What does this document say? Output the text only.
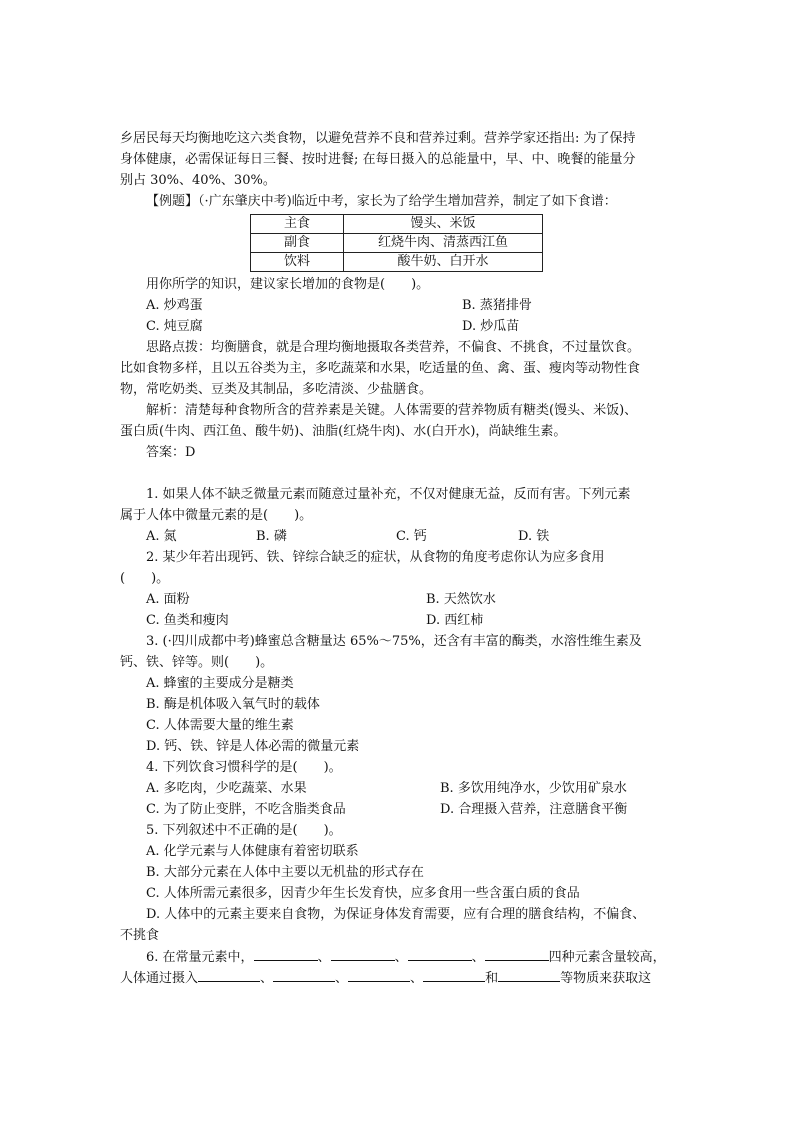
乡居民每天均衡地吃这六类食物，以避免营养不良和营养过剩。营养学家还指出: 为了保持
身体健康，必需保证每日三餐、按时进餐; 在每日摄入的总能量中，早、中、晚餐的能量分
别占 30%、40%、30%。
【例题】（·广东肇庆中考)临近中考，家长为了给学生增加营养，制定了如下食谱：
主食	馒头、米饭
副食	红烧牛肉、清蒸西江鱼
饮料	酸牛奶、白开水
用你所学的知识，建议家长增加的食物是(　　)。
A. 炒鸡蛋	B. 蒸猪排骨
C. 炖豆腐	D. 炒瓜苗
思路点拨：均衡膳食，就是合理均衡地摄取各类营养，不偏食、不挑食，不过量饮食。
比如食物多样，且以五谷类为主，多吃蔬菜和水果，吃适量的鱼、禽、蛋、瘦肉等动物性食
物，常吃奶类、豆类及其制品，多吃清淡、少盐膳食。
解析：清楚每种食物所含的营养素是关键。人体需要的营养物质有糖类(馒头、米饭)、
蛋白质(牛肉、西江鱼、酸牛奶)、油脂(红烧牛肉)、水(白开水)，尚缺维生素。
答案：D
1. 如果人体不缺乏微量元素而随意过量补充，不仅对健康无益，反而有害。下列元素
属于人体中微量元素的是(　　)。
A. 氮	B. 磷	C. 钙	D. 铁
2. 某少年若出现钙、铁、锌综合缺乏的症状，从食物的角度考虑你认为应多食用
(　　)。
A. 面粉	B. 天然饮水
C. 鱼类和瘦肉	D. 西红柿
3. (·四川成都中考)蜂蜜总含糖量达 65%～75%，还含有丰富的酶类，水溶性维生素及
钙、铁、锌等。则(　　)。
A. 蜂蜜的主要成分是糖类
B. 酶是机体吸入氧气时的载体
C. 人体需要大量的维生素
D. 钙、铁、锌是人体必需的微量元素
4. 下列饮食习惯科学的是(　　)。
A. 多吃肉，少吃蔬菜、水果	B. 多饮用纯净水，少饮用矿泉水
C. 为了防止变胖，不吃含脂类食品	D. 合理摄入营养，注意膳食平衡
5. 下列叙述中不正确的是(　　)。
A. 化学元素与人体健康有着密切联系
B. 大部分元素在人体中主要以无机盐的形式存在
C. 人体所需元素很多，因青少年生长发育快，应多食用一些含蛋白质的食品
D. 人体中的元素主要来自食物，为保证身体发育需要，应有合理的膳食结构，不偏食、
不挑食
6. 在常量元素中，	、	、	、	四种元素含量较高，
人体通过摄入	、	、	、	和	等物质来获取这
